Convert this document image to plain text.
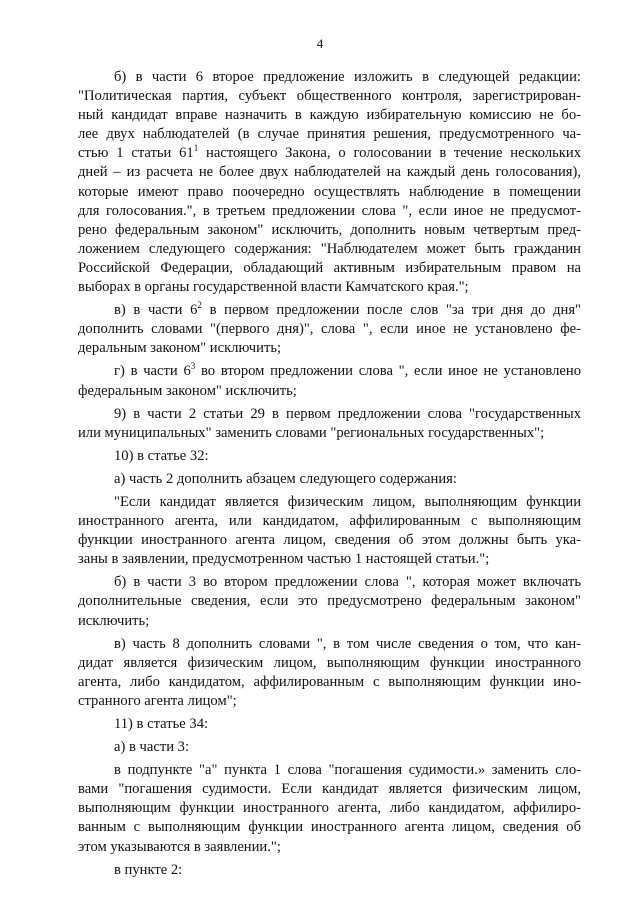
4
б) в части 6 второе предложение изложить в следующей редакции:
"Политическая партия, субъект общественного контроля, зарегистрирован-
ный кандидат вправе назначить в каждую избирательную комиссию не бо-
лее двух наблюдателей (в случае принятия решения, предусмотренного ча-
стью 1 статьи $61^1$ настоящего Закона, о голосовании в течение нескольких
дней – из расчета не более двух наблюдателей на каждый день голосования),
которые имеют право поочередно осуществлять наблюдение в помещении
для голосования.", в третьем предложении слова ", если иное не предусмот-
рено федеральным законом" исключить, дополнить новым четвертым пред-
ложением следующего содержания: "Наблюдателем может быть гражданин
Российской Федерации, обладающий активным избирательным правом на
выборах в органы государственной власти Камчатского края.";
в) в части $6^2$ в первом предложении после слов "за три дня до дня"
дополнить словами "(первого дня)", слова ", если иное не установлено фе-
деральным законом" исключить;
г) в части $6^3$ во втором предложении слова ", если иное не установлено
федеральным законом" исключить;
9) в части 2 статьи 29 в первом предложении слова "государственных
или муниципальных" заменить словами "региональных государственных";
10) в статье 32:
а) часть 2 дополнить абзацем следующего содержания:
"Если кандидат является физическим лицом, выполняющим функции
иностранного агента, или кандидатом, аффилированным с выполняющим
функции иностранного агента лицом, сведения об этом должны быть ука-
заны в заявлении, предусмотренном частью 1 настоящей статьи.";
б) в части 3 во втором предложении слова ", которая может включать
дополнительные сведения, если это предусмотрено федеральным законом"
исключить;
в) часть 8 дополнить словами ", в том числе сведения о том, что кан-
дидат является физическим лицом, выполняющим функции иностранного
агента, либо кандидатом, аффилированным с выполняющим функции ино-
странного агента лицом";
11) в статье 34:
а) в части 3:
в подпункте "а" пункта 1 слова "погашения судимости.» заменить сло-
вами "погашения судимости. Если кандидат является физическим лицом,
выполняющим функции иностранного агента, либо кандидатом, аффилиро-
ванным с выполняющим функции иностранного агента лицом, сведения об
этом указываются в заявлении.";
в пункте 2:
